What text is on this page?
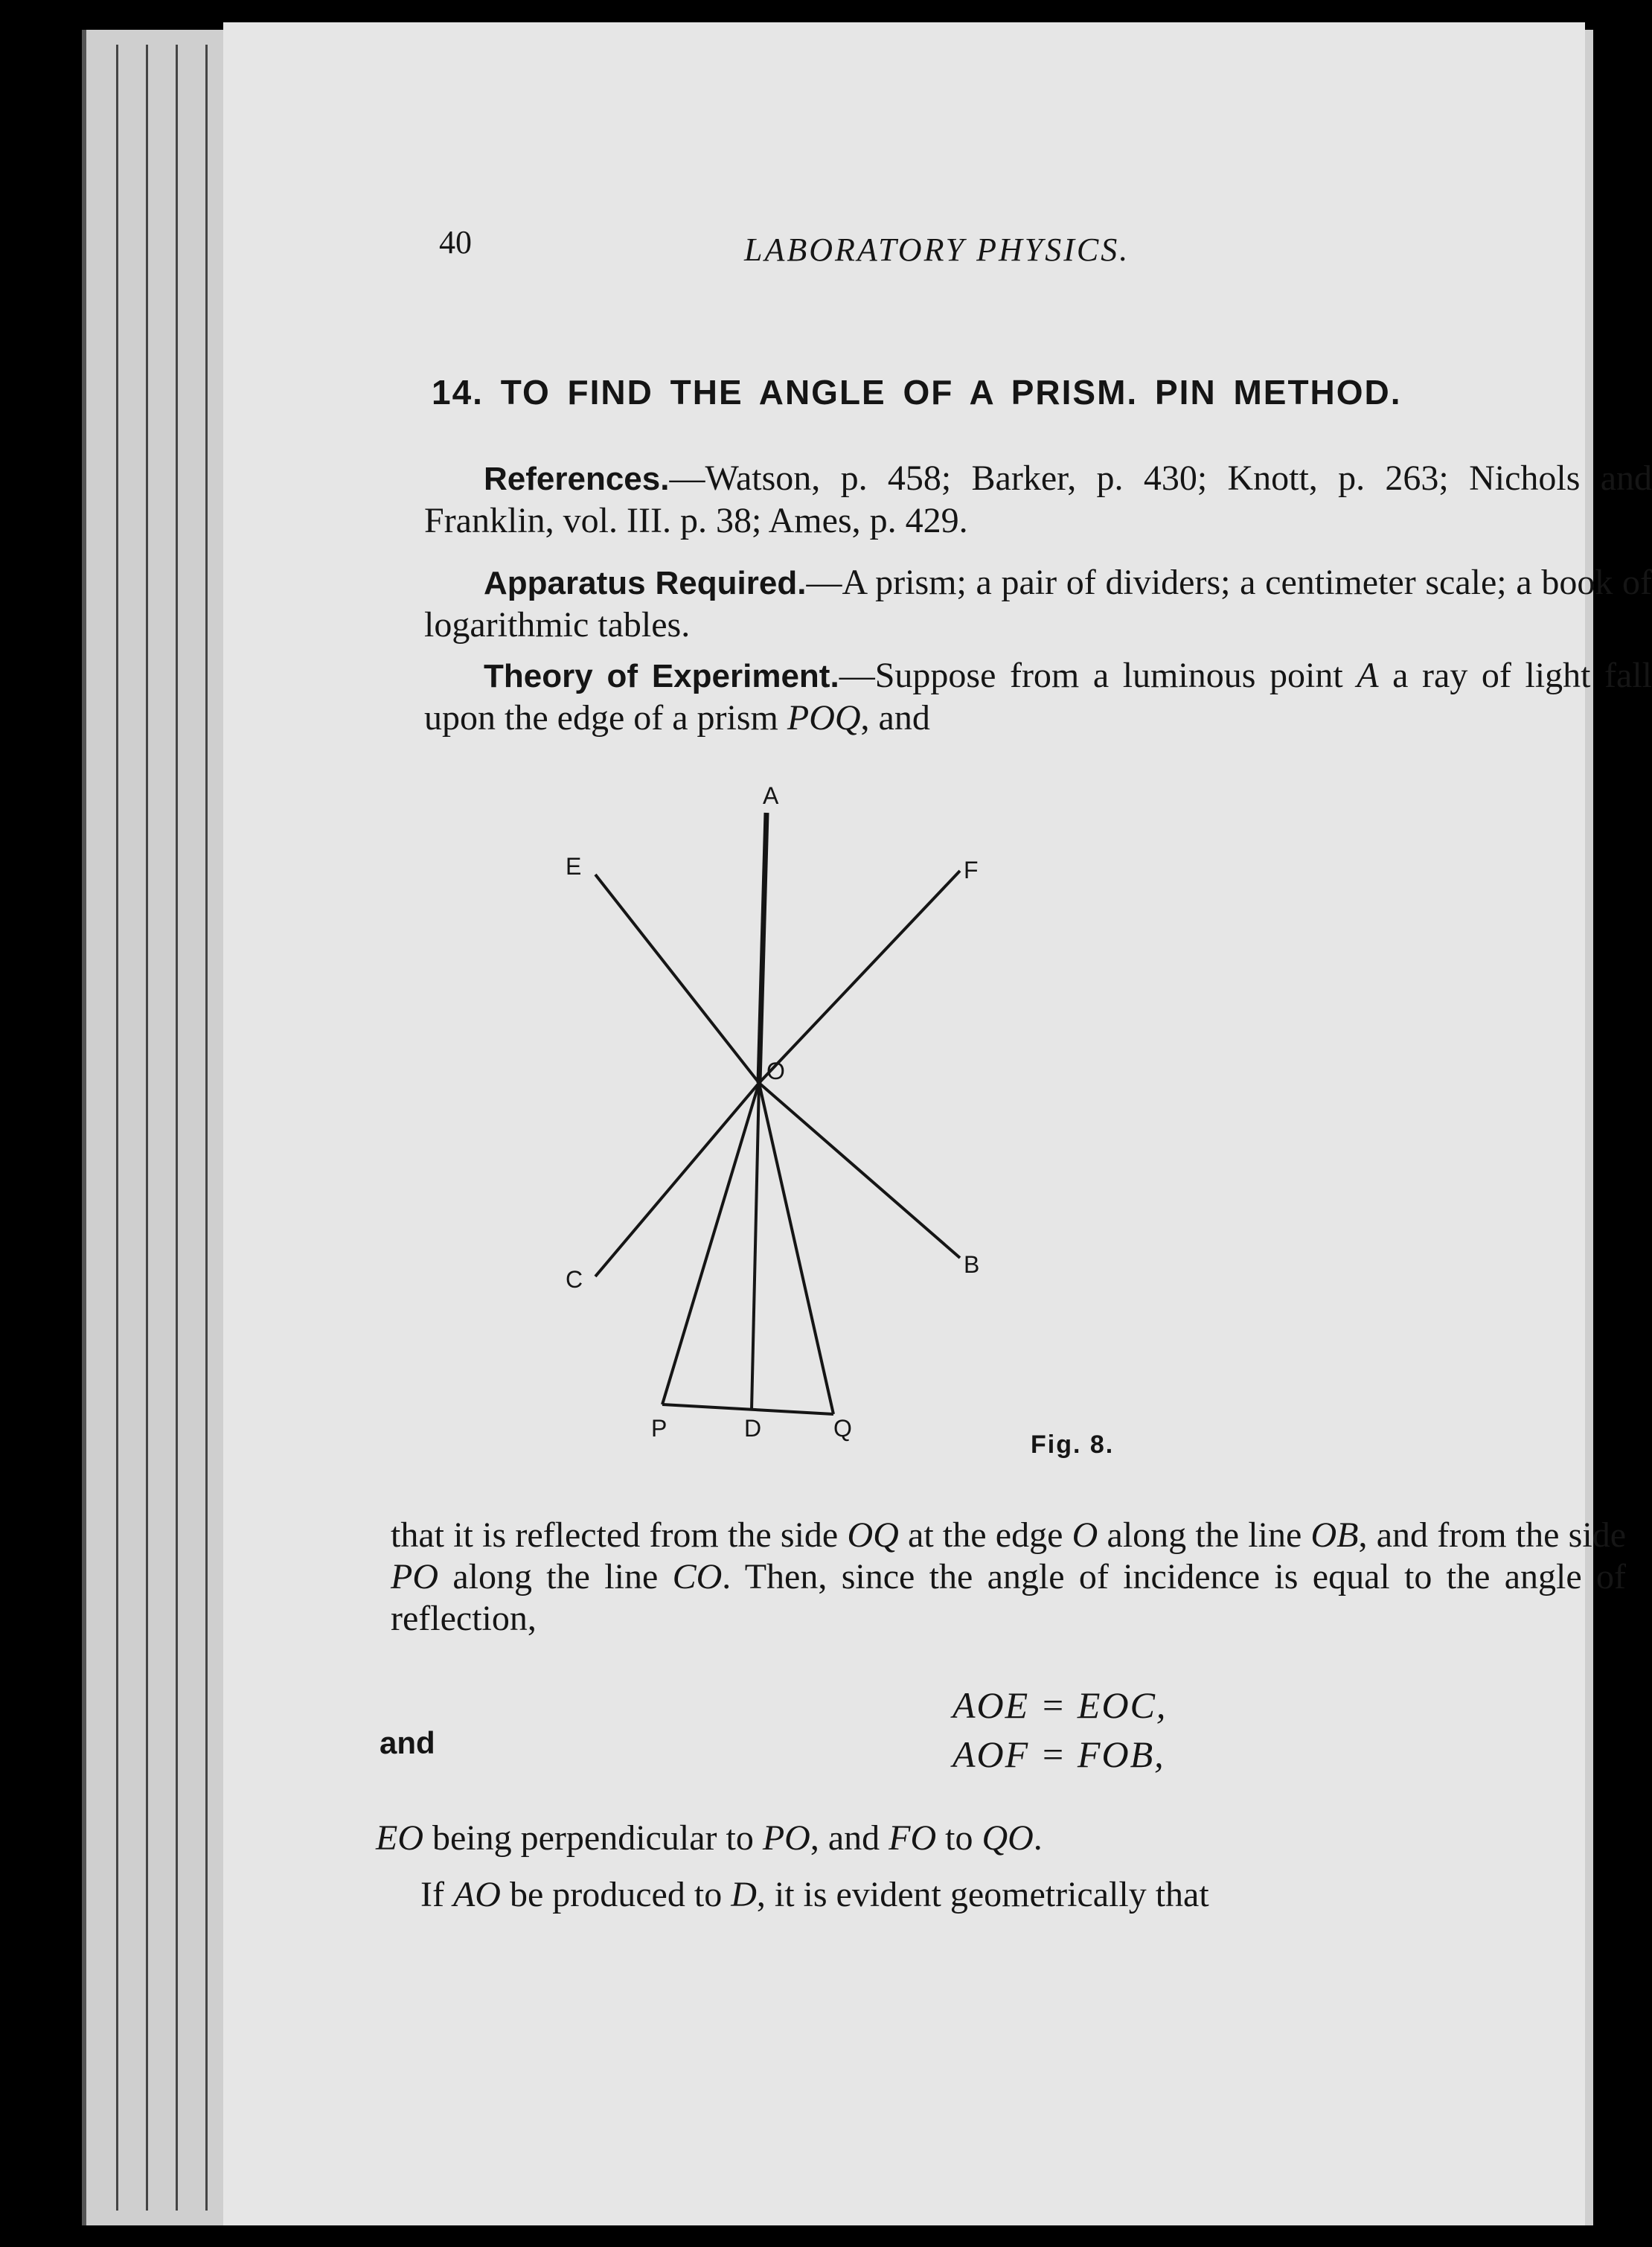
40	LABORATORY PHYSICS.
14. TO FIND THE ANGLE OF A PRISM. PIN METHOD.
References.—Watson, p. 458; Barker, p. 430; Knott, p. 263; Nichols and Franklin, vol. III. p. 38; Ames, p. 429.
Apparatus Required.—A prism; a pair of dividers; a centimeter scale; a book of logarithmic tables.
Theory of Experiment.—Suppose from a luminous point A a ray of light fall upon the edge of a prism POQ, and
A
E	F
O
C
B
P	D	Q
Fig. 8.
that it is reflected from the side OQ at the edge O along the line OB, and from the side PO along the line CO. Then, since the angle of incidence is equal to the angle of reflection,
AOE = EOC,
and	AOF = FOB,
EO being perpendicular to PO, and FO to QO.
If AO be produced to D, it is evident geometrically that
